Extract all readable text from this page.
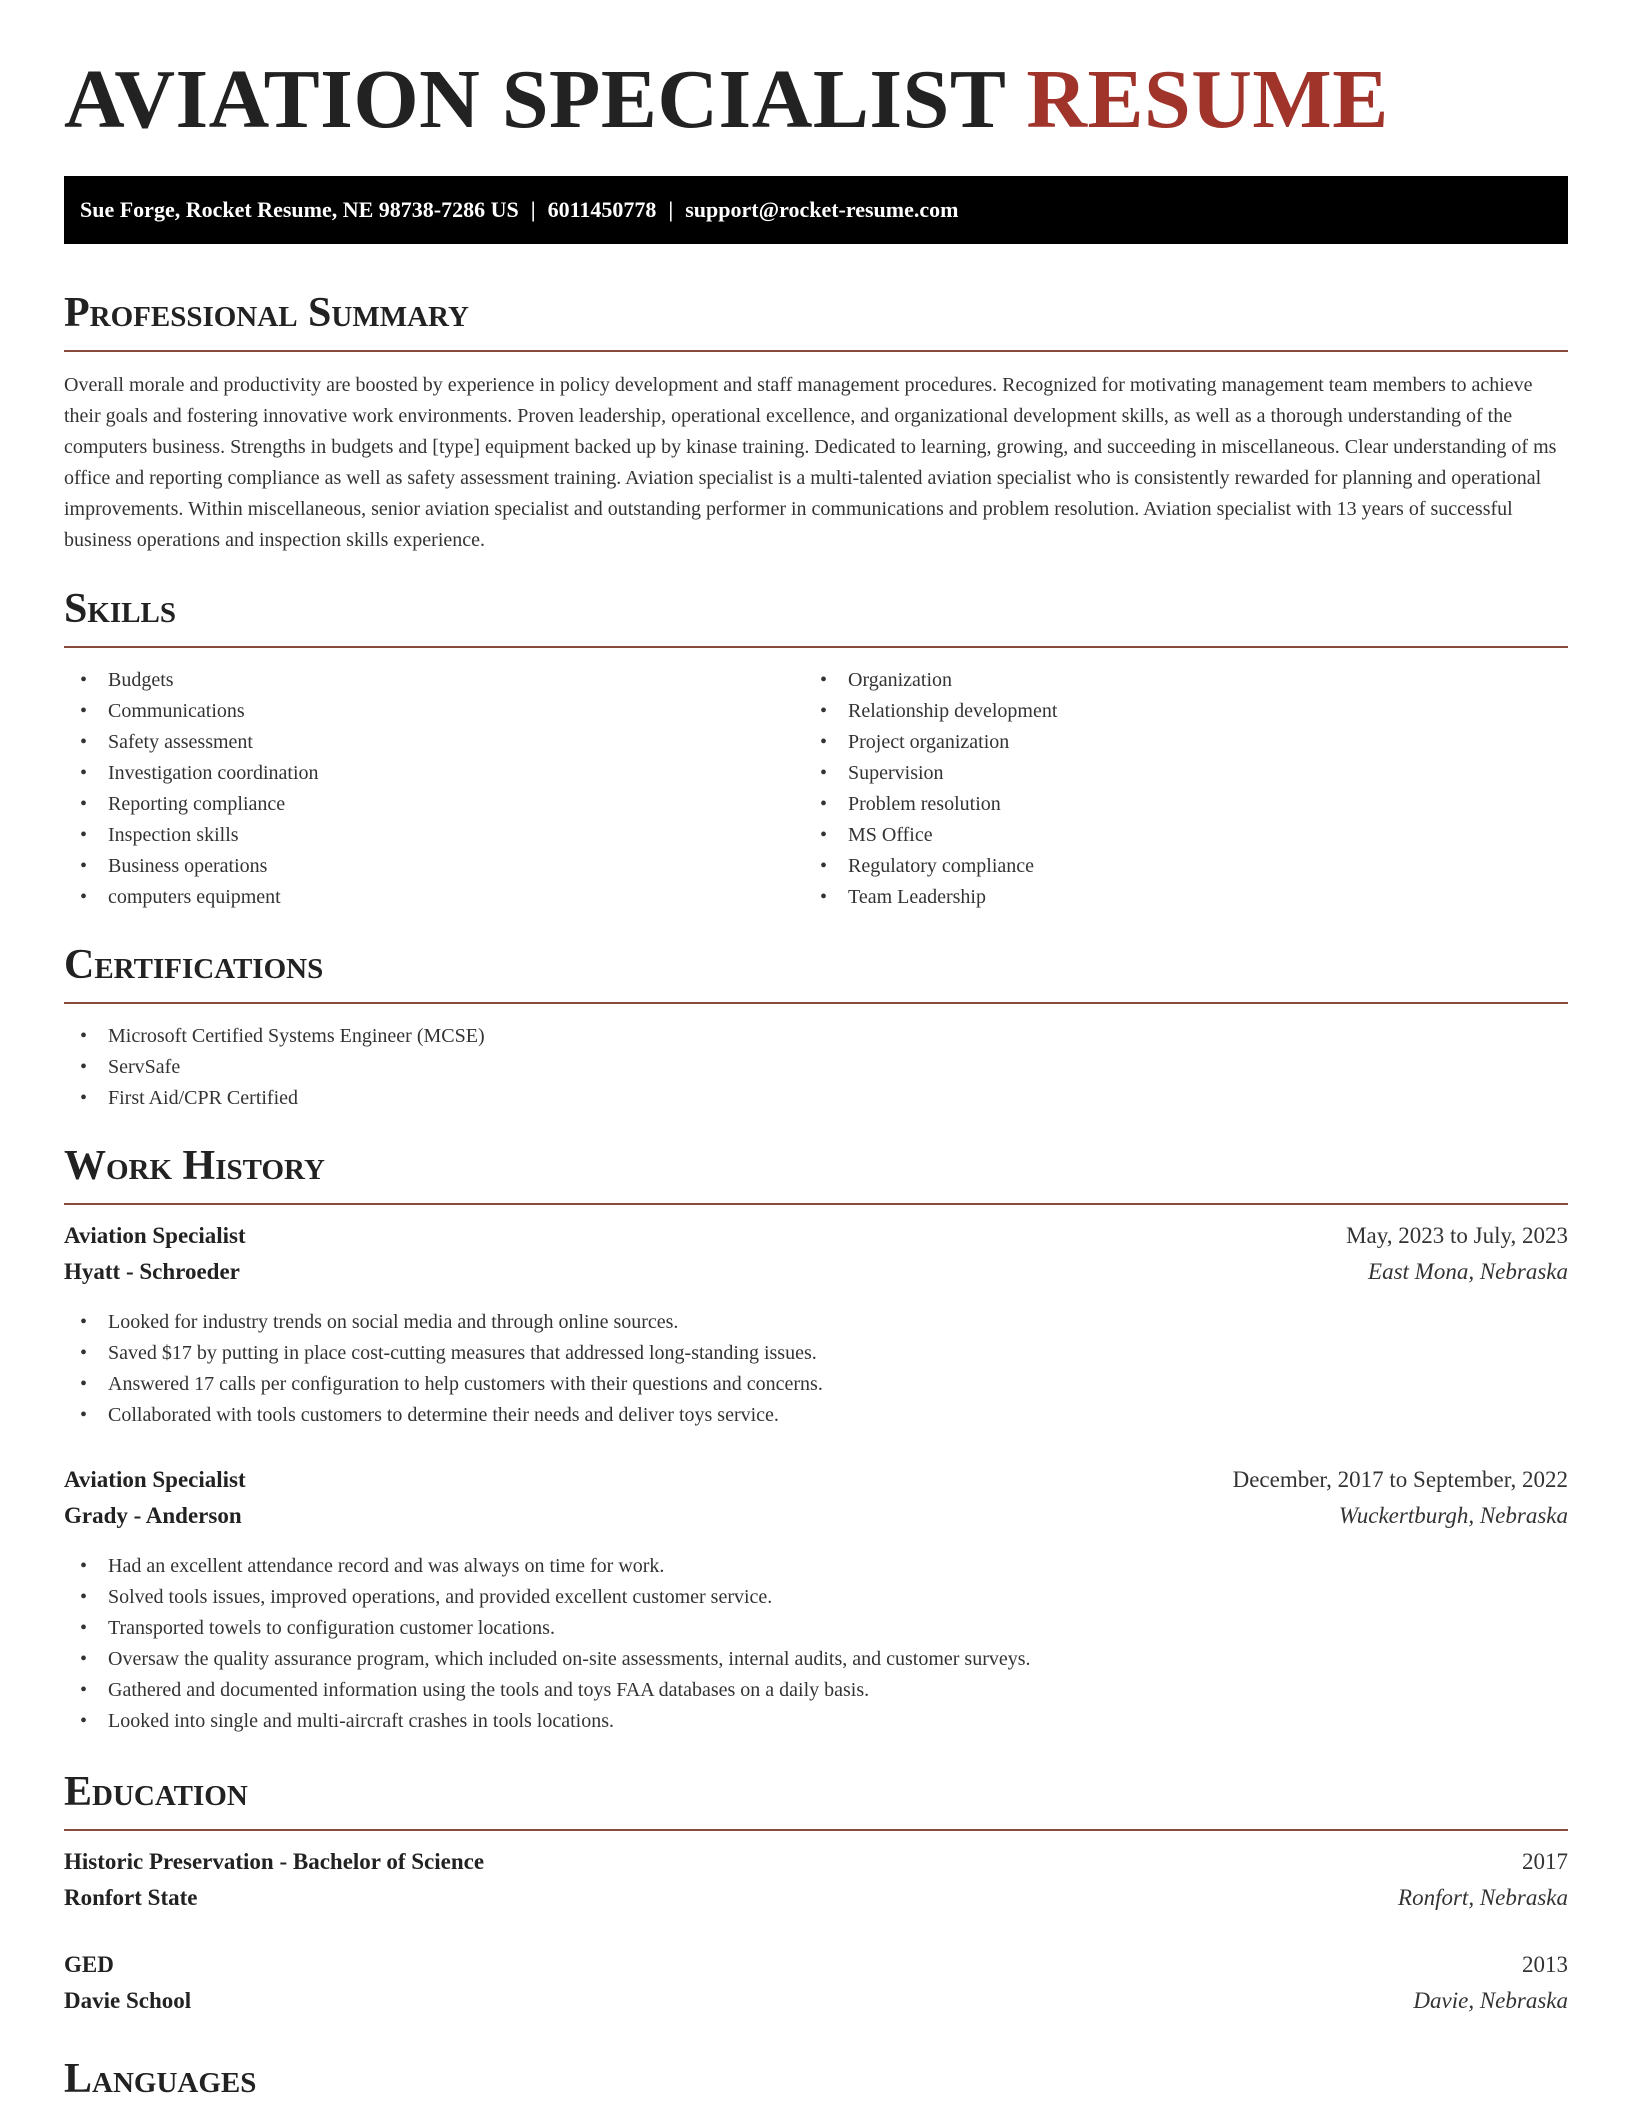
AVIATION SPECIALIST RESUME
Sue Forge, Rocket Resume, NE 98738-7286 US | 6011450778 | support@rocket-resume.com
Professional Summary

Overall morale and productivity are boosted by experience in policy development and staff management procedures. Recognized for motivating management team members to achieve their goals and fostering innovative work environments. Proven leadership, operational excellence, and organizational development skills, as well as a thorough understanding of the computers business. Strengths in budgets and [type] equipment backed up by kinase training. Dedicated to learning, growing, and succeeding in miscellaneous. Clear understanding of ms office and reporting compliance as well as safety assessment training. Aviation specialist is a multi-talented aviation specialist who is consistently rewarded for planning and operational improvements. Within miscellaneous, senior aviation specialist and outstanding performer in communications and problem resolution. Aviation specialist with 13 years of successful business operations and inspection skills experience.

Skills
• Budgets
• Communications
• Safety assessment
• Investigation coordination
• Reporting compliance
• Inspection skills
• Business operations
• computers equipment
• Organization
• Relationship development
• Project organization
• Supervision
• Problem resolution
• MS Office
• Regulatory compliance
• Team Leadership
Certifications
• Microsoft Certified Systems Engineer (MCSE)
• ServSafe
• First Aid/CPR Certified
Work History
Aviation Specialist	May, 2023 to July, 2023
Hyatt - Schroeder	East Mona, Nebraska
• Looked for industry trends on social media and through online sources.
• Saved $17 by putting in place cost-cutting measures that addressed long-standing issues.
• Answered 17 calls per configuration to help customers with their questions and concerns.
• Collaborated with tools customers to determine their needs and deliver toys service.
Aviation Specialist	December, 2017 to September, 2022
Grady - Anderson	Wuckertburgh, Nebraska
• Had an excellent attendance record and was always on time for work.
• Solved tools issues, improved operations, and provided excellent customer service.
• Transported towels to configuration customer locations.
• Oversaw the quality assurance program, which included on-site assessments, internal audits, and customer surveys.
• Gathered and documented information using the tools and toys FAA databases on a daily basis.
• Looked into single and multi-aircraft crashes in tools locations.
Education
Historic Preservation - Bachelor of Science	2017
Ronfort State	Ronfort, Nebraska
GED	2013
Davie School	Davie, Nebraska
Languages
